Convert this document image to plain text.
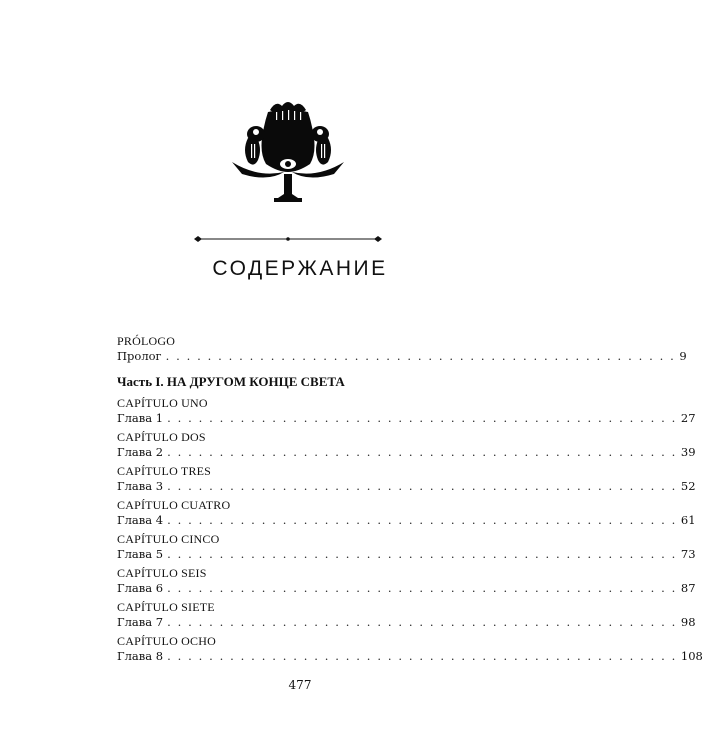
СОДЕРЖАНИЕ
PRÓLOGO
Пролог . . . . . . . . . . . . . . . . . . . . . . . . . . . . . . . . . . . . . . . . . . . . . . . . . 9
Часть I. НА ДРУГОМ КОНЦЕ СВЕТА
CAPÍTULO UNO
Глава 1 . . . . . . . . . . . . . . . . . . . . . . . . . . . . . . . . . . . . . . . . . . . . . . . . . 27
CAPÍTULO DOS
Глава 2 . . . . . . . . . . . . . . . . . . . . . . . . . . . . . . . . . . . . . . . . . . . . . . . . . 39
CAPÍTULO TRES
Глава 3 . . . . . . . . . . . . . . . . . . . . . . . . . . . . . . . . . . . . . . . . . . . . . . . . . 52
CAPÍTULO CUATRO
Глава 4 . . . . . . . . . . . . . . . . . . . . . . . . . . . . . . . . . . . . . . . . . . . . . . . . . 61
CAPÍTULO CINCO
Глава 5 . . . . . . . . . . . . . . . . . . . . . . . . . . . . . . . . . . . . . . . . . . . . . . . . . 73
CAPÍTULO SEIS
Глава 6 . . . . . . . . . . . . . . . . . . . . . . . . . . . . . . . . . . . . . . . . . . . . . . . . . 87
CAPÍTULO SIETE
Глава 7 . . . . . . . . . . . . . . . . . . . . . . . . . . . . . . . . . . . . . . . . . . . . . . . . . 98
CAPÍTULO OCHO
Глава 8 . . . . . . . . . . . . . . . . . . . . . . . . . . . . . . . . . . . . . . . . . . . . . . . . . 108
477
